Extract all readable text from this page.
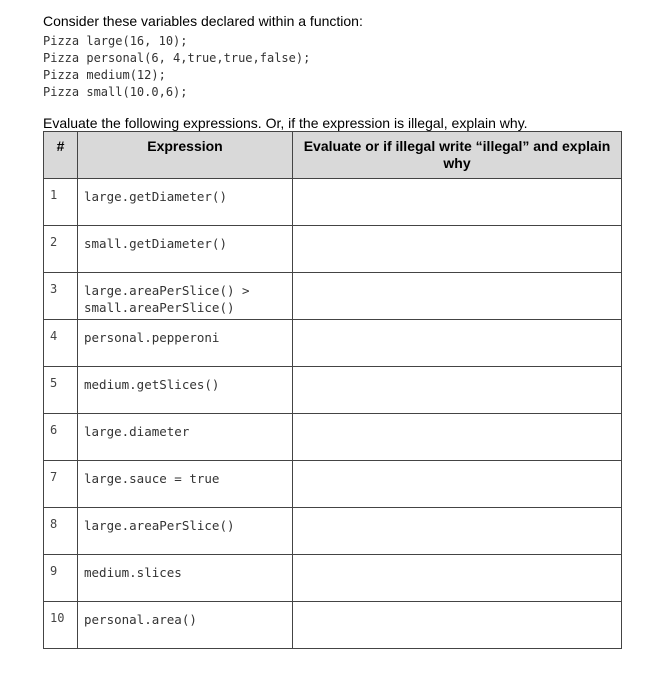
Consider these variables declared within a function:
Pizza large(16, 10);
Pizza personal(6, 4,true,true,false);
Pizza medium(12);
Pizza small(10.0,6);
Evaluate the following expressions. Or, if the expression is illegal, explain why.
#	Expression	Evaluate or if illegal write “illegal” and explain why
1	large.getDiameter()	

2	small.getDiameter()	

3	large.areaPerSlice() >
small.areaPerSlice()	

4	personal.pepperoni	

5	medium.getSlices()	

6	large.diameter	

7	large.sauce = true	

8	large.areaPerSlice()	

9	medium.slices	

10	personal.area()	
